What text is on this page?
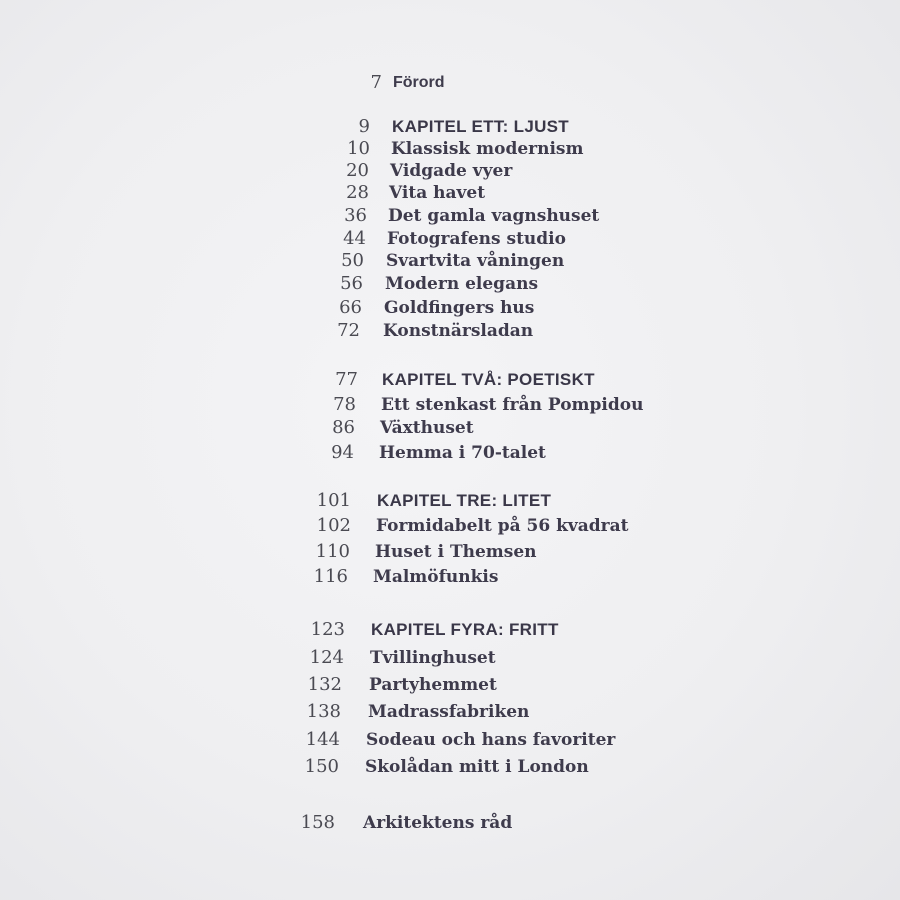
7 Förord
9 KAPITEL ETT: LJUST
10 Klassisk modernism
20 Vidgade vyer
28 Vita havet
36 Det gamla vagnshuset
44 Fotografens studio
50 Svartvita våningen
56 Modern elegans
66 Goldfingers hus
72 Konstnärsladan
77 KAPITEL TVÅ: POETISKT
78 Ett stenkast från Pompidou
86 Växthuset
94 Hemma i 70-talet
101 KAPITEL TRE: LITET
102 Formidabelt på 56 kvadrat
110 Huset i Themsen
116 Malmöfunkis
123 KAPITEL FYRA: FRITT
124 Tvillinghuset
132 Partyhemmet
138 Madrassfabriken
144 Sodeau och hans favoriter
150 Skolådan mitt i London
158 Arkitektens råd
